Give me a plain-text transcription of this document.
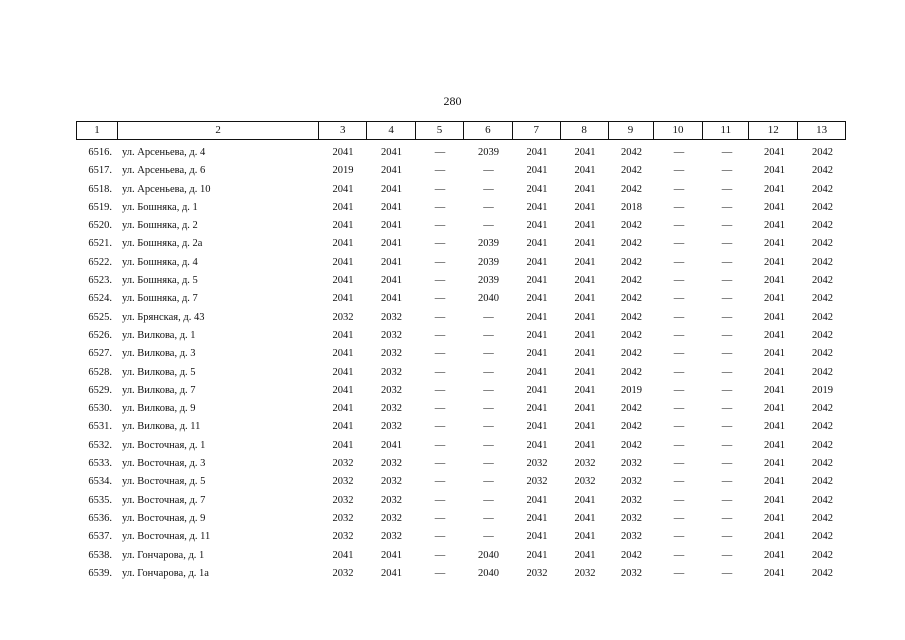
280
1	2	3	4	5	6	7	8	9	10	11	12	13
6516. ул. Арсеньева, д. 4	2041	2041	—	2039	2041	2041	2042	—	—	2041	2042
6517. ул. Арсеньева, д. 6	2019	2041	—	—	2041	2041	2042	—	—	2041	2042
6518. ул. Арсеньева, д. 10	2041	2041	—	—	2041	2041	2042	—	—	2041	2042
6519. ул. Бошняка, д. 1	2041	2041	—	—	2041	2041	2018	—	—	2041	2042
6520. ул. Бошняка, д. 2	2041	2041	—	—	2041	2041	2042	—	—	2041	2042
6521. ул. Бошняка, д. 2а	2041	2041	—	2039	2041	2041	2042	—	—	2041	2042
6522. ул. Бошняка, д. 4	2041	2041	—	2039	2041	2041	2042	—	—	2041	2042
6523. ул. Бошняка, д. 5	2041	2041	—	2039	2041	2041	2042	—	—	2041	2042
6524. ул. Бошняка, д. 7	2041	2041	—	2040	2041	2041	2042	—	—	2041	2042
6525. ул. Брянская, д. 43	2032	2032	—	—	2041	2041	2042	—	—	2041	2042
6526. ул. Вилкова, д. 1	2041	2032	—	—	2041	2041	2042	—	—	2041	2042
6527. ул. Вилкова, д. 3	2041	2032	—	—	2041	2041	2042	—	—	2041	2042
6528. ул. Вилкова, д. 5	2041	2032	—	—	2041	2041	2042	—	—	2041	2042
6529. ул. Вилкова, д. 7	2041	2032	—	—	2041	2041	2019	—	—	2041	2019
6530. ул. Вилкова, д. 9	2041	2032	—	—	2041	2041	2042	—	—	2041	2042
6531. ул. Вилкова, д. 11	2041	2032	—	—	2041	2041	2042	—	—	2041	2042
6532. ул. Восточная, д. 1	2041	2041	—	—	2041	2041	2042	—	—	2041	2042
6533. ул. Восточная, д. 3	2032	2032	—	—	2032	2032	2032	—	—	2041	2042
6534. ул. Восточная, д. 5	2032	2032	—	—	2032	2032	2032	—	—	2041	2042
6535. ул. Восточная, д. 7	2032	2032	—	—	2041	2041	2032	—	—	2041	2042
6536. ул. Восточная, д. 9	2032	2032	—	—	2041	2041	2032	—	—	2041	2042
6537. ул. Восточная, д. 11	2032	2032	—	—	2041	2041	2032	—	—	2041	2042
6538. ул. Гончарова, д. 1	2041	2041	—	2040	2041	2041	2042	—	—	2041	2042
6539. ул. Гончарова, д. 1а	2032	2041	—	2040	2032	2032	2032	—	—	2041	2042
